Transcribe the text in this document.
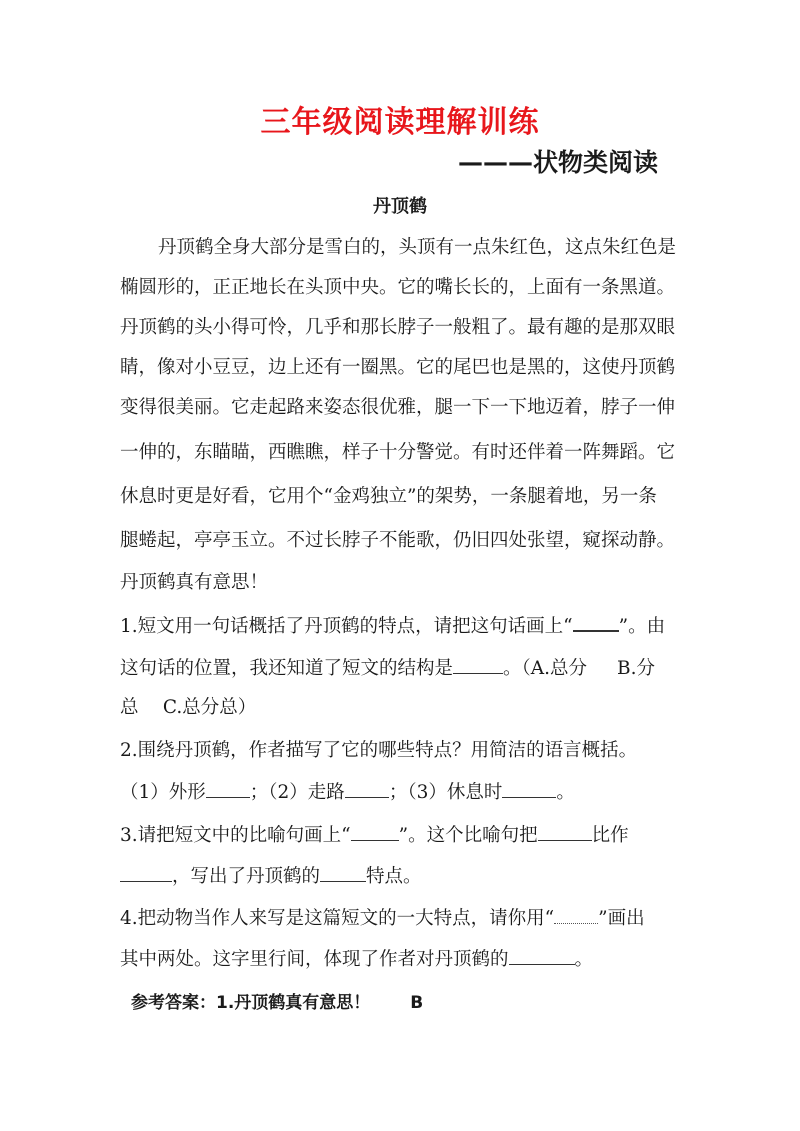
三年级阅读理解训练
———状物类阅读
丹顶鹤
丹顶鹤全身大部分是雪白的，头顶有一点朱红色，这点朱红色是
椭圆形的，正正地长在头顶中央。它的嘴长长的，上面有一条黑道。
丹顶鹤的头小得可怜，几乎和那长脖子一般粗了。最有趣的是那双眼
睛，像对小豆豆，边上还有一圈黑。它的尾巴也是黑的，这使丹顶鹤
变得很美丽。它走起路来姿态很优雅，腿一下一下地迈着，脖子一伸
一伸的，东瞄瞄，西瞧瞧，样子十分警觉。有时还伴着一阵舞蹈。它
休息时更是好看，它用个“金鸡独立”的架势，一条腿着地，另一条
腿蜷起，亭亭玉立。不过长脖子不能歌，仍旧四处张望，窥探动静。
丹顶鹤真有意思！
1.短文用一句话概括了丹顶鹤的特点，请把这句话画上“ ”。由
这句话的位置，我还知道了短文的结构是	。（A.总分 B.分
总　 C.总分总）
2.围绕丹顶鹤，作者描写了它的哪些特点？用简洁的语言概括。
（1）外形 ；（2）走路 ；（3）休息时	。
3.请把短文中的比喻句画上“	”。这个比喻句把	比作
，写出了丹顶鹤的 特点。
4.把动物当作人来写是这篇短文的一大特点，请你用“ ”画出
其中两处。这字里行间，体现了作者对丹顶鹤的	。
参考答案：1.丹顶鹤真有意思！ B
